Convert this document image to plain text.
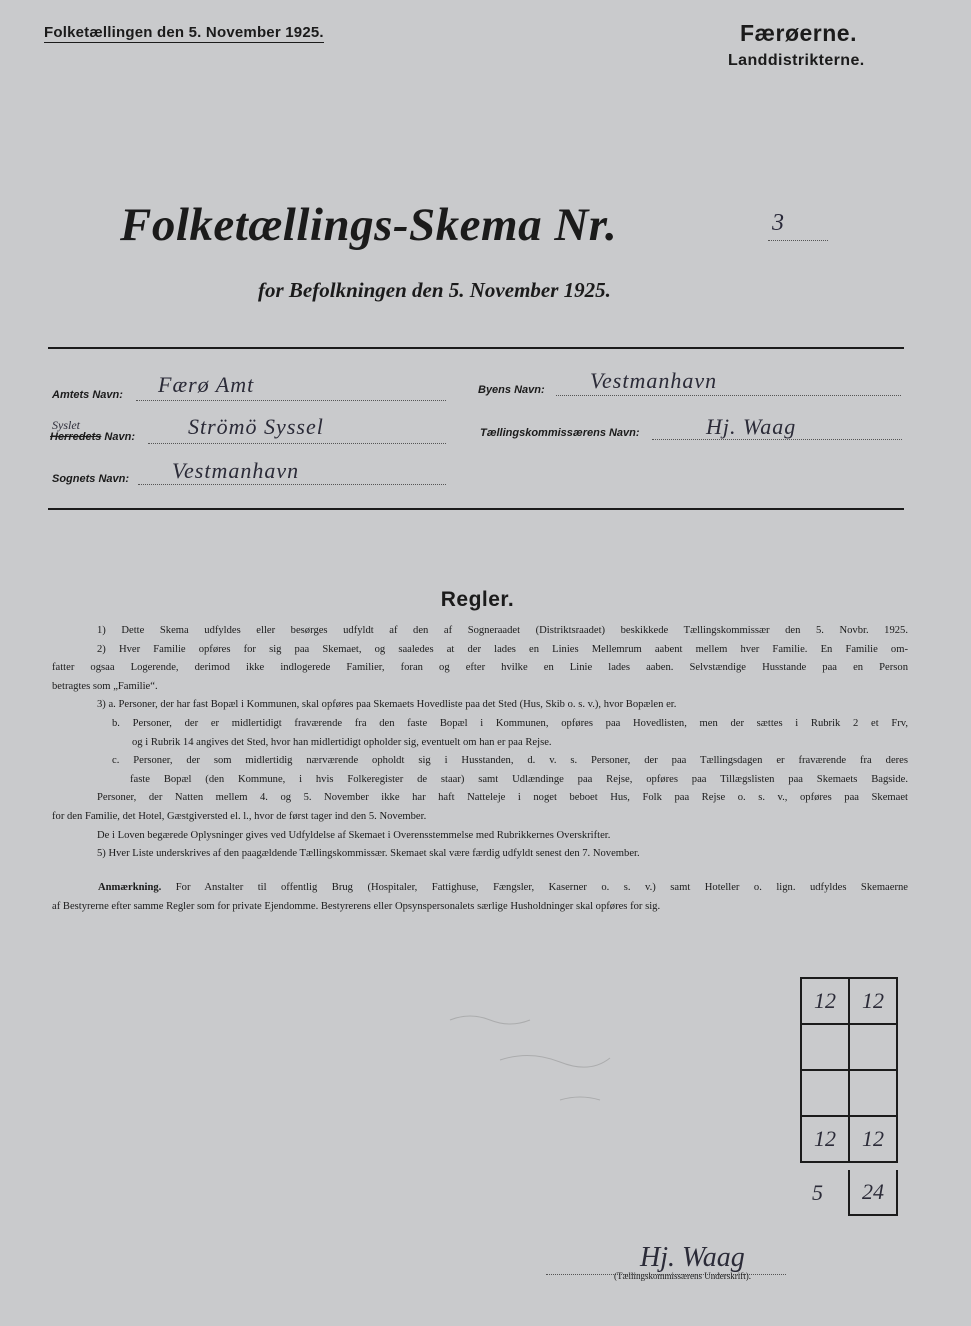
Folketællingen den 5. November 1925.	Færøerne.
Landdistrikterne.
Folketællings-Skema Nr.	3
for Befolkningen den 5. November 1925.
Amtets Navn: Færø Amt	Byens Navn: Vestmanhavn
Syslet
Herredets Navn: Strömö Syssel	Tællingskommissærens Navn:	Hj. Waag
Sognets Navn: Vestmanhavn
Regler.

1) Dette Skema udfyldes eller besørges udfyldt af den af Sogneraadet (Distriktsraadet) beskikkede Tællingskommissær den 5. Novbr. 1925.

2) Hver Familie opføres for sig paa Skemaet, og saaledes at der lades en Linies Mellemrum aabent mellem hver Familie. En Familie om-

fatter ogsaa Logerende, derimod ikke indlogerede Familier, foran og efter hvilke en Linie lades aaben. Selvstændige Husstande paa en Person

betragtes som „Familie“.

3) a. Personer, der har fast Bopæl i Kommunen, skal opføres paa Skemaets Hovedliste paa det Sted (Hus, Skib o. s. v.), hvor Bopælen er.

b. Personer, der er midlertidigt fraværende fra den faste Bopæl i Kommunen, opføres paa Hovedlisten, men der sættes i Rubrik 2 et Frv,

og i Rubrik 14 angives det Sted, hvor han midlertidigt opholder sig, eventuelt om han er paa Rejse.

c. Personer, der som midlertidig nærværende opholdt sig i Husstanden, d. v. s. Personer, der paa Tællingsdagen er fraværende fra deres

faste Bopæl (den Kommune, i hvis Folkeregister de staar) samt Udlændinge paa Rejse, opføres paa Tillægslisten paa Skemaets Bagside.

Personer, der Natten mellem 4. og 5. November ikke har haft Natteleje i noget beboet Hus, Folk paa Rejse o. s. v., opføres paa Skemaet

for den Familie, det Hotel, Gæstgiversted el. l., hvor de først tager ind den 5. November.

De i Loven begærede Oplysninger gives ved Udfyldelse af Skemaet i Overensstemmelse med Rubrikkernes Overskrifter.

5) Hver Liste underskrives af den paagældende Tællingskommissær. Skemaet skal være færdig udfyldt senest den 7. November.

Anmærkning. For Anstalter til offentlig Brug (Hospitaler, Fattighuse, Fængsler, Kaserner o. s. v.) samt Hoteller o. lign. udfyldes Skemaerne

af Bestyrerne efter samme Regler som for private Ejendomme. Bestyrerens eller Opsynspersonalets særlige Husholdninger skal opføres for sig.

12	12

12	12
5	24
Hj. Waag
(Tællingskommissærens Underskrift).
